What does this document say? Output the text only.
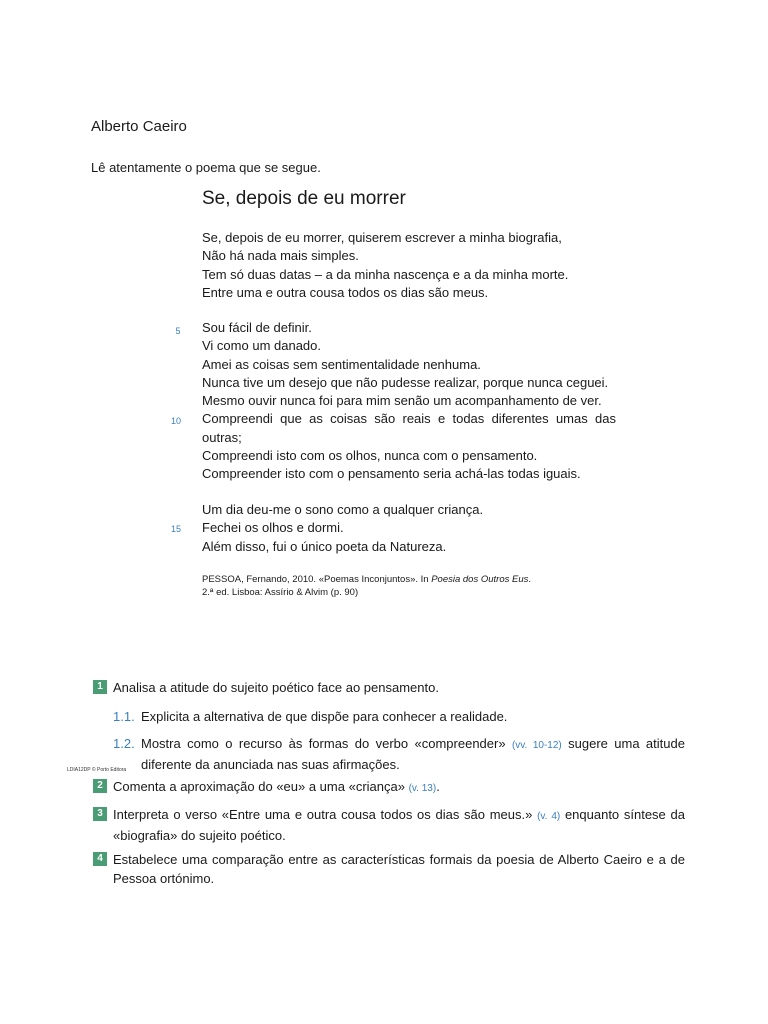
Alberto Caeiro
Lê atentamente o poema que se segue.
Se, depois de eu morrer
Se, depois de eu morrer, quiserem escrever a minha biografia,
Não há nada mais simples.
Tem só duas datas – a da minha nascença e a da minha morte.
Entre uma e outra cousa todos os dias são meus.
Sou fácil de definir.
Vi como um danado.
Amei as coisas sem sentimentalidade nenhuma.
Nunca tive um desejo que não pudesse realizar, porque nunca ceguei.
Mesmo ouvir nunca foi para mim senão um acompanhamento de ver.
Compreendi que as coisas são reais e todas diferentes umas das
outras;
Compreendi isto com os olhos, nunca com o pensamento.
Compreender isto com o pensamento seria achá-las todas iguais.
Um dia deu-me o sono como a qualquer criança.
Fechei os olhos e dormi.
Além disso, fui o único poeta da Natureza.
5
10
15
PESSOA, Fernando, 2010. «Poemas Inconjuntos». In Poesia dos Outros Eus.
2.ª ed. Lisboa: Assírio & Alvim (p. 90)
1 Analisa a atitude do sujeito poético face ao pensamento.
1.1. Explicita a alternativa de que dispõe para conhecer a realidade.
1.2. Mostra como o recurso às formas do verbo «compreender» (vv. 10-12) sugere uma atitude diferente da anunciada nas suas afirmações.
LDIA12DP © Porto Editora
2 Comenta a aproximação do «eu» a uma «criança» (v. 13).
3 Interpreta o verso «Entre uma e outra cousa todos os dias são meus.» (v. 4) enquanto síntese da «biografia» do sujeito poético.
4 Estabelece uma comparação entre as características formais da poesia de Alberto Caeiro e a de Pessoa ortónimo.
